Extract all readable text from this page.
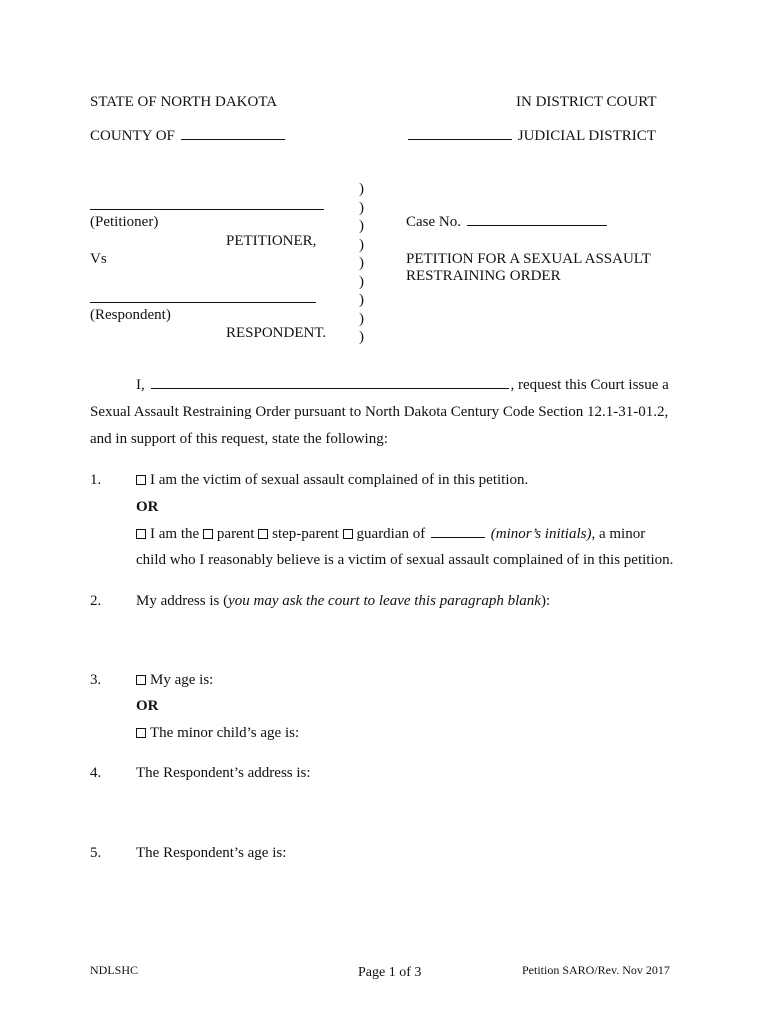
STATE OF NORTH DAKOTA	IN DISTRICT COURT
COUNTY OF	JUDICIAL DISTRICT
(Petitioner)
PETITIONER,
Vs
(Respondent)
RESPONDENT.
)
)
)
)
)
)
)
)
)
Case No.
PETITION FOR A SEXUAL ASSAULT
RESTRAINING ORDER
I,	, request this Court issue a
Sexual Assault Restraining Order pursuant to North Dakota Century Code Section 12.1-31-01.2,
and in support of this request, state the following:
1.	I am the victim of sexual assault complained of in this petition.
OR
I am the parent step-parent guardian of	(minor’s initials), a minor
child who I reasonably believe is a victim of sexual assault complained of in this petition.
2. My address is (you may ask the court to leave this paragraph blank):
3.	My age is:
OR
The minor child’s age is:
4. The Respondent’s address is:
5. The Respondent’s age is:
NDLSHC	Page 1 of 3	Petition SARO/Rev. Nov 2017
